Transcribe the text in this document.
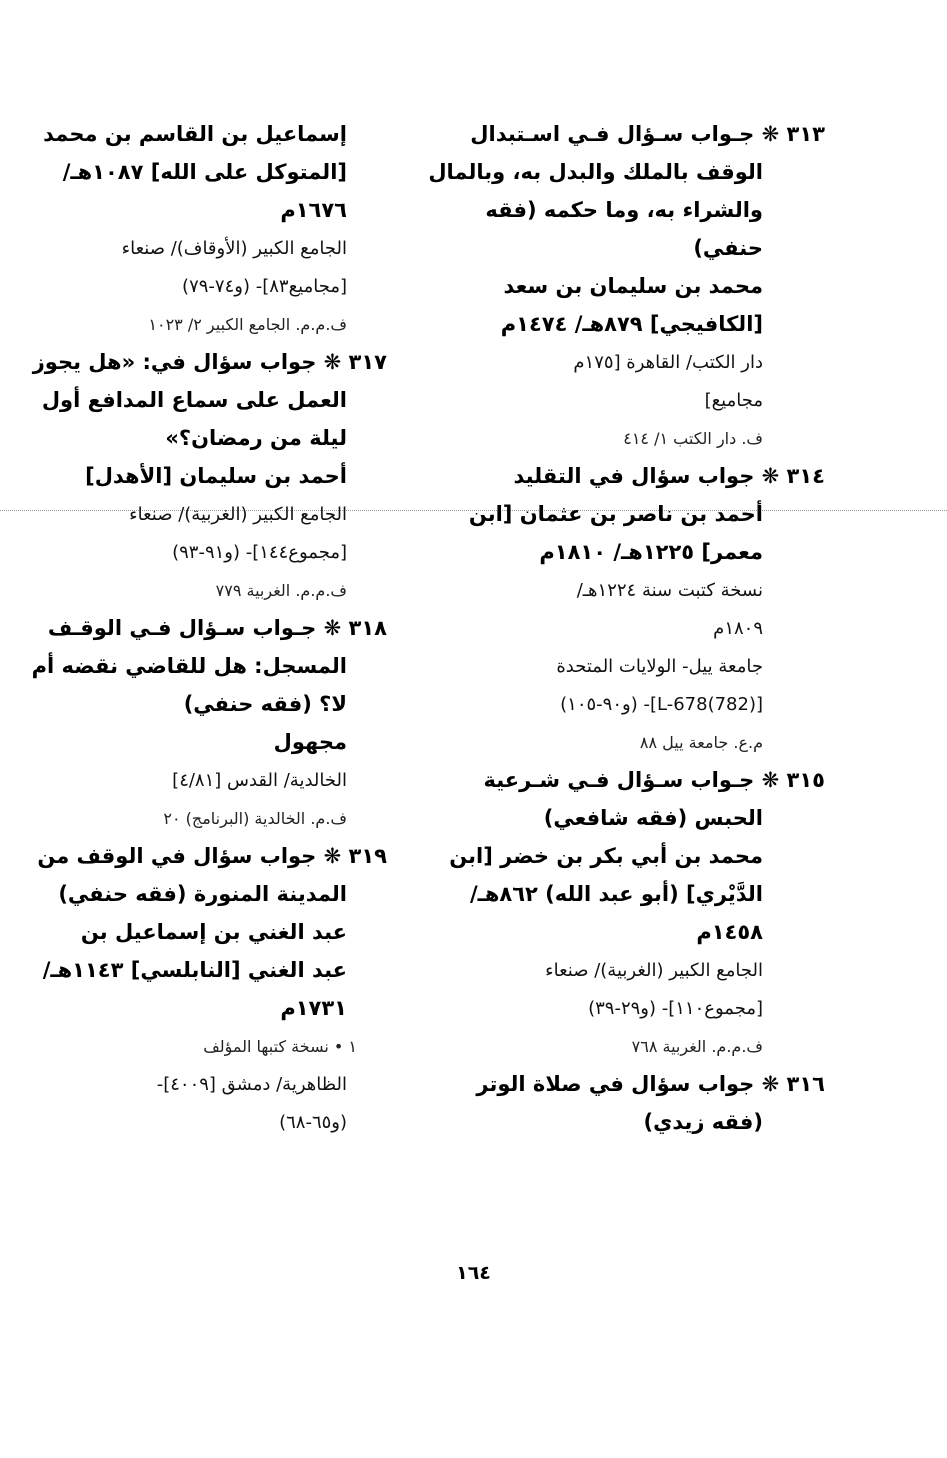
٣١٣ ❋ جـواب سـؤال فـي اسـتبدال
الوقف بالملك والبدل به، وبالمال
والشراء به، وما حكمه (فقه
حنفي)
محمد بن سليمان بن سعد
[الكافيجي] ٨٧٩هـ/ ١٤٧٤م
دار الكتب/ القاهرة [١٧٥م
مجاميع]
ف. دار الكتب ١/ ٤١٤
٣١٤ ❋ جواب سؤال في التقليد
أحمد بن ناصر بن عثمان [ابن
معمر] ١٢٢٥هـ/ ١٨١٠م
نسخة كتبت سنة ١٢٢٤هـ/
١٨٠٩م
جامعة ييل- الولايات المتحدة
[(782)L-678]- (و٩٠-١٠٥)
م.ع. جامعة ييل ٨٨
٣١٥ ❋ جـواب سـؤال فـي شـرعية
الحبس (فقه شافعي)
محمد بن أبي بكر بن خضر [ابن
الدَّيْري] (أبو عبد الله) ٨٦٢هـ/
١٤٥٨م
الجامع الكبير (الغربية)/ صنعاء
[مجموع١١٠]- (و٢٩-٣٩)
ف.م.م. الغربية ٧٦٨
٣١٦ ❋ جواب سؤال في صلاة الوتر
(فقه زيدي)
إسماعيل بن القاسم بن محمد
[المتوكل على الله] ١٠٨٧هـ/
١٦٧٦م
الجامع الكبير (الأوقاف)/ صنعاء
[مجاميع٨٣]- (و٧٤-٧٩)
ف.م.م. الجامع الكبير ٢/ ١٠٢٣
٣١٧ ❋ جواب سؤال في: «هل يجوز
العمل على سماع المدافع أول
ليلة من رمضان؟»
أحمد بن سليمان [الأهدل]
الجامع الكبير (الغربية)/ صنعاء
[مجموع١٤٤]- (و٩١-٩٣)
ف.م.م. الغربية ٧٧٩
٣١٨ ❋ جـواب سـؤال فـي الوقـف
المسجل: هل للقاضي نقضه أم
لا؟ (فقه حنفي)
مجهول
الخالدية/ القدس [٤/٨١]
ف.م. الخالدية (البرنامج) ٢٠
٣١٩ ❋ جواب سؤال في الوقف من
المدينة المنورة (فقه حنفي)
عبد الغني بن إسماعيل بن
عبد الغني [النابلسي] ١١٤٣هـ/
١٧٣١م
١ • نسخة كتبها المؤلف
الظاهرية/ دمشق [٤٠٠٩]-
(و٦٥-٦٨)
١٦٤
